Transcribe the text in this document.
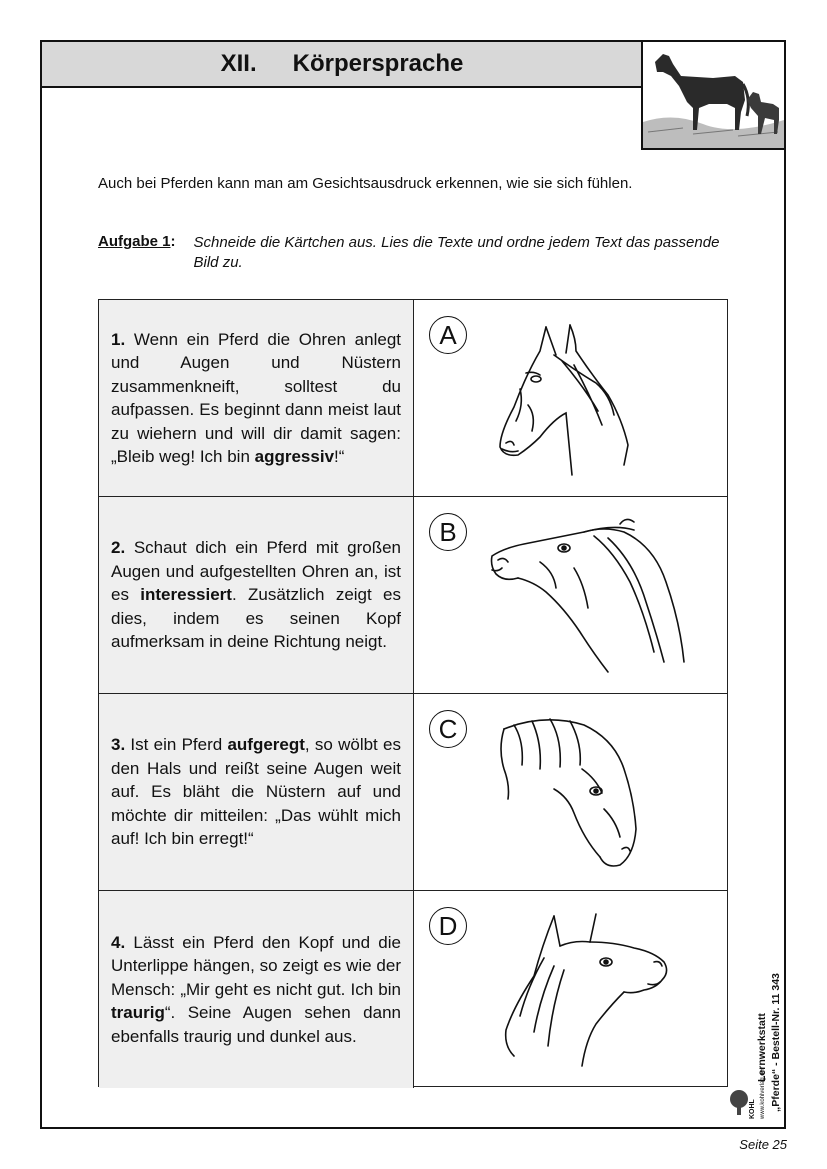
XII. Körpersprache
Auch bei Pferden kann man am Gesichtsausdruck erkennen, wie sie sich fühlen.
Aufgabe 1 : Schneide die Kärtchen aus. Lies die Texte und ordne jedem Text das passende Bild zu.

1. Wenn ein Pferd die Ohren anlegt und Augen und Nüstern zusammenkneift, solltest du aufpassen. Es beginnt dann meist laut zu wiehern und will dir damit sagen: „Bleib weg! Ich bin aggressiv!“

A

2. Schaut dich ein Pferd mit großen Augen und aufgestellten Ohren an, ist es interessiert. Zusätzlich zeigt es dies, indem es seinen Kopf aufmerksam in deine Richtung neigt.

B

3. Ist ein Pferd aufgeregt, so wölbt es den Hals und reißt seine Augen weit auf. Es bläht die Nüstern auf und möchte dir mitteilen: „Das wühlt mich auf! Ich bin erregt!“

C

4. Lässt ein Pferd den Kopf und die Unterlippe hängen, so zeigt es wie der Mensch: „Mir geht es nicht gut. Ich bin traurig“. Seine Augen sehen dann ebenfalls traurig und dunkel aus.

D
Lernwerkstatt „Pferde“ - Bestell-Nr. 11 343
KOHL www.kohlverlag.de
Seite 25
